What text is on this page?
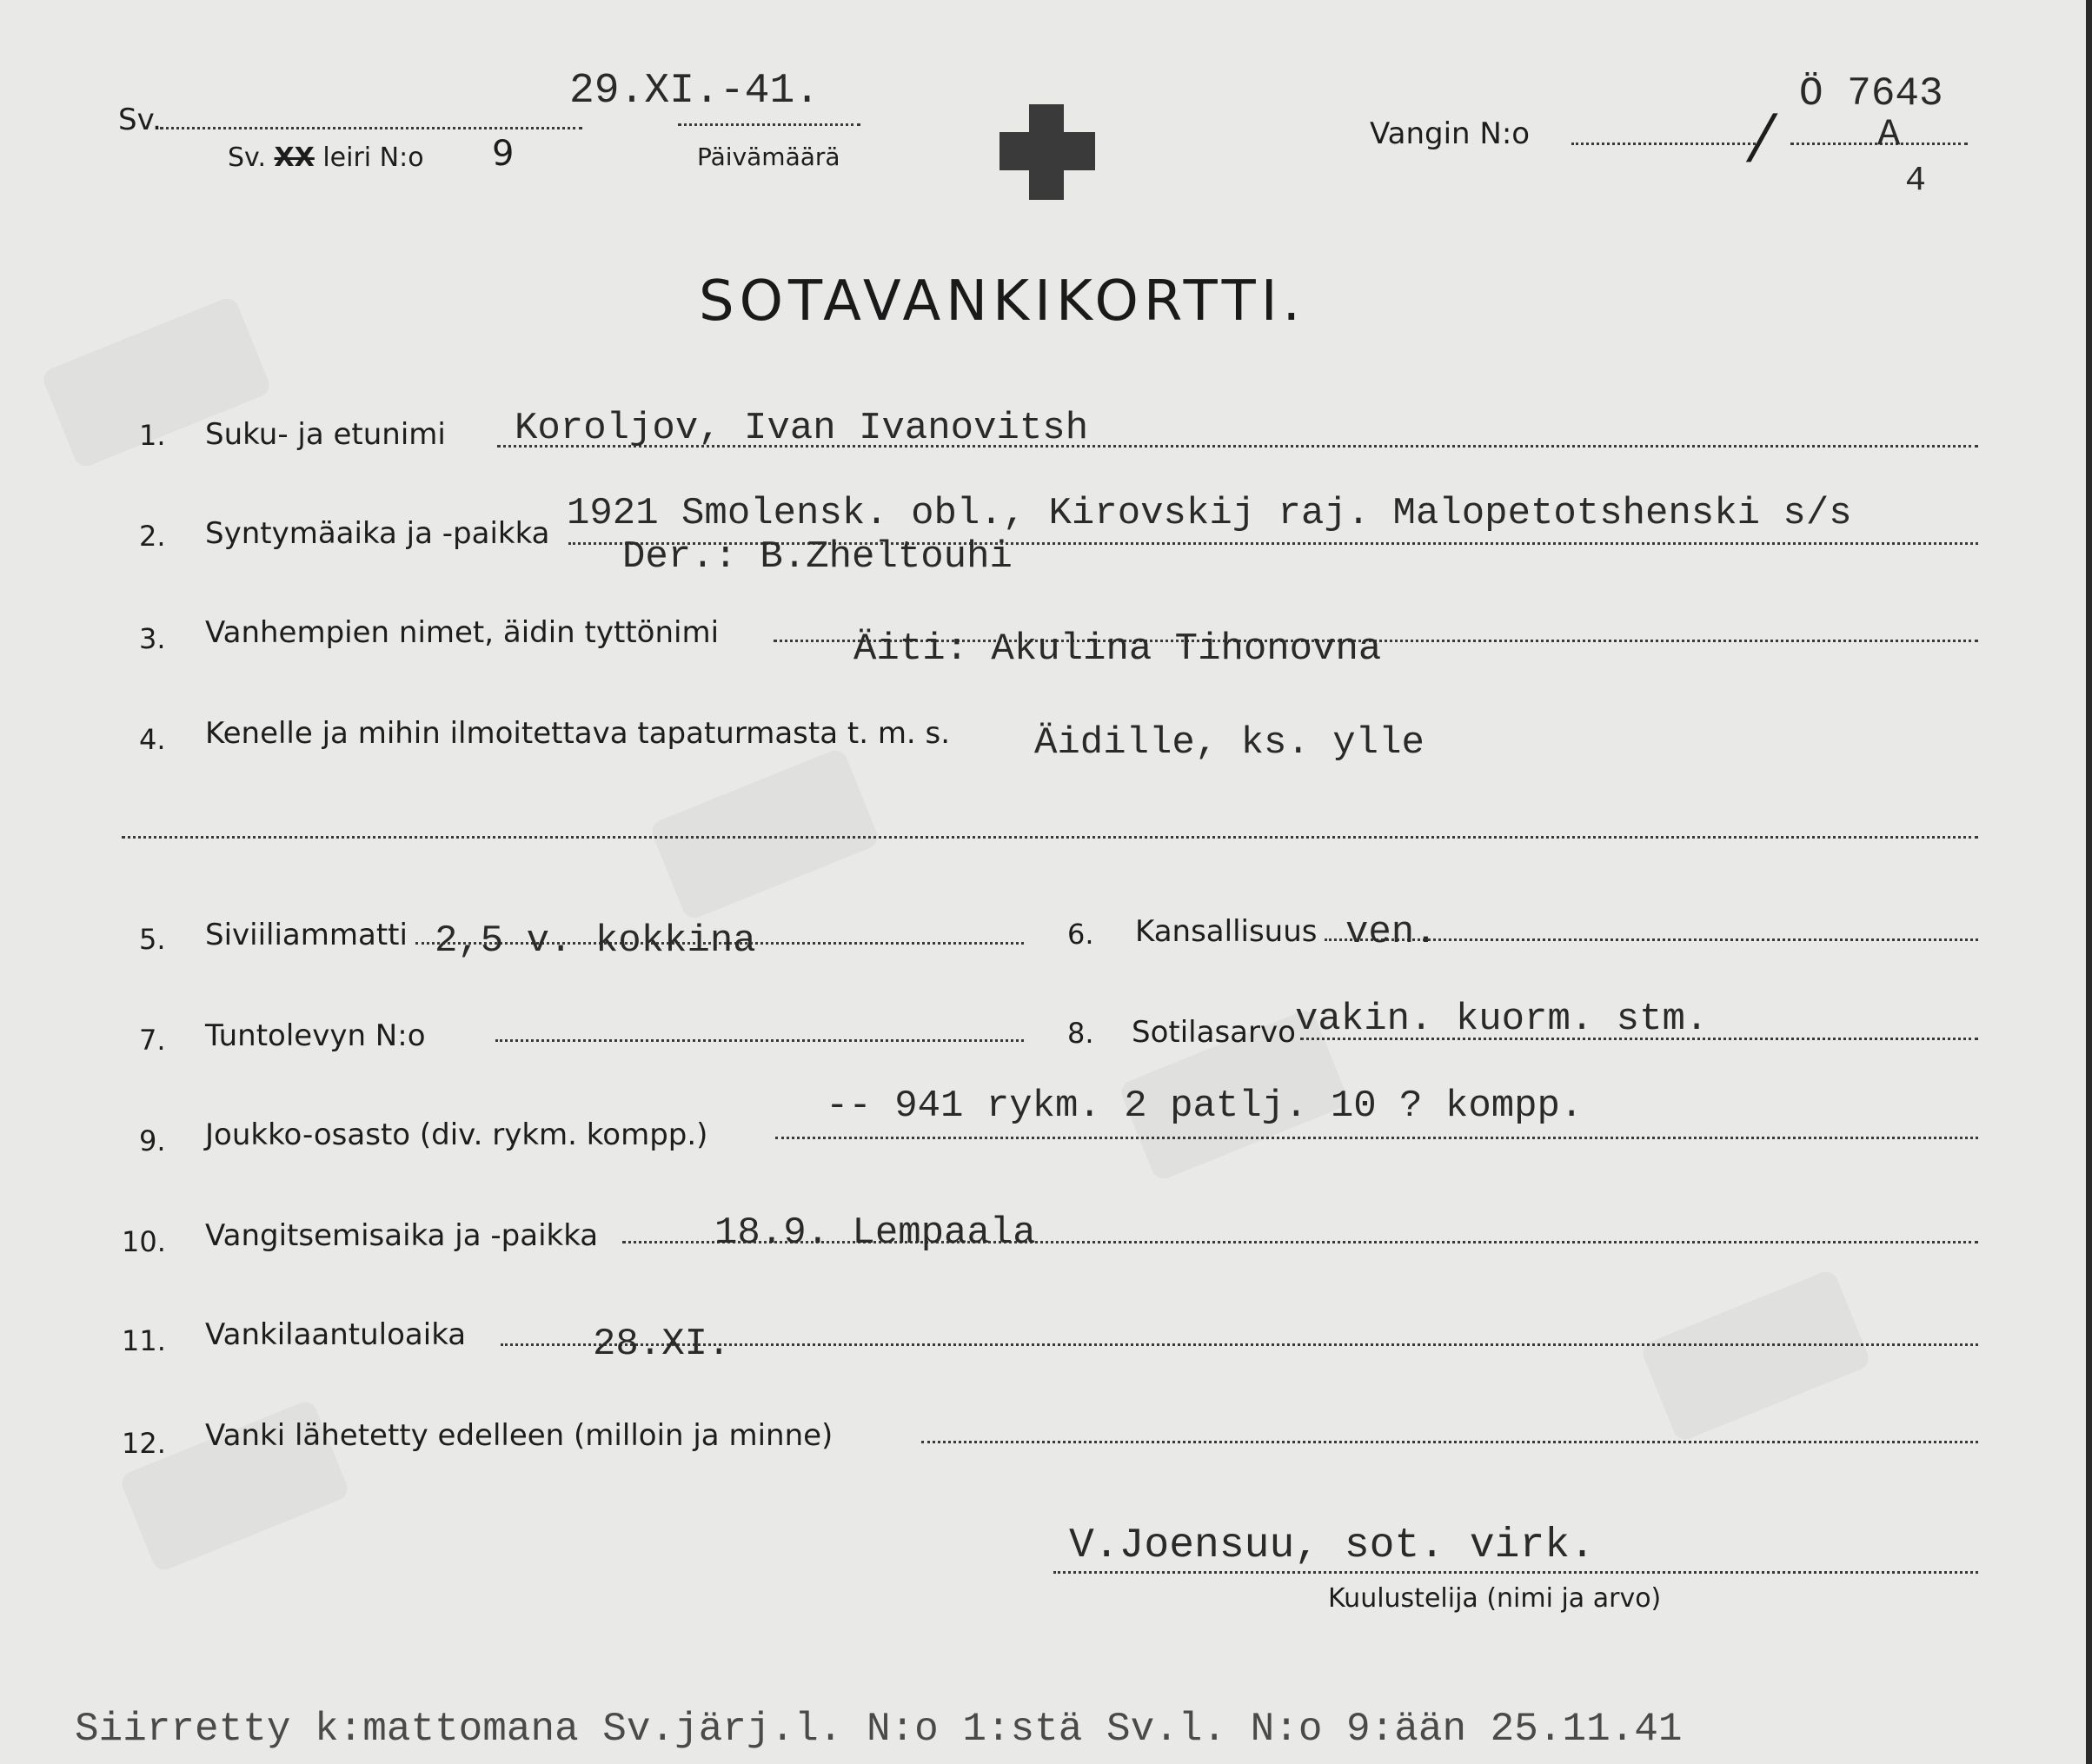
Sv.
29.XI.-41.
Sv. XX leiri N:o 9	Päivämäärä
Vangin N:o	/
Ö 7643
A
4
SOTAVANKIKORTTI.
1. Suku- ja etunimi Koroljov, Ivan Ivanovitsh
2. Syntymäaika ja -paikka 1921 Smolensk. obl., Kirovskij raj. Malopetotshenski s/s
Der.: B.Zheltouhi
3. Vanhempien nimet, äidin tyttönimi	Äiti: Akulina Tihonovna
4. Kenelle ja mihin ilmoitettava tapaturmasta t. m. s. Äidille, ks. ylle
5. Siviiliammatti 2,5 v. kokkina	6. Kansallisuus ven.
7. Tuntolevyn N:o	8. Sotilasarvo vakin. kuorm. stm.
9. Joukko-osasto (div. rykm. kompp.)
-- 941 rykm. 2 patlj. 10 ? kompp.
10. Vangitsemisaika ja -paikka	18.9. Lempaala
11. Vankilaantuloaika	28.XI.
12. Vanki lähetetty edelleen (milloin ja minne)
V.Joensuu, sot. virk.
Kuulustelija (nimi ja arvo)
Siirretty k:mattomana Sv.järj.l. N:o 1:stä Sv.l. N:o 9:ään 25.11.41
